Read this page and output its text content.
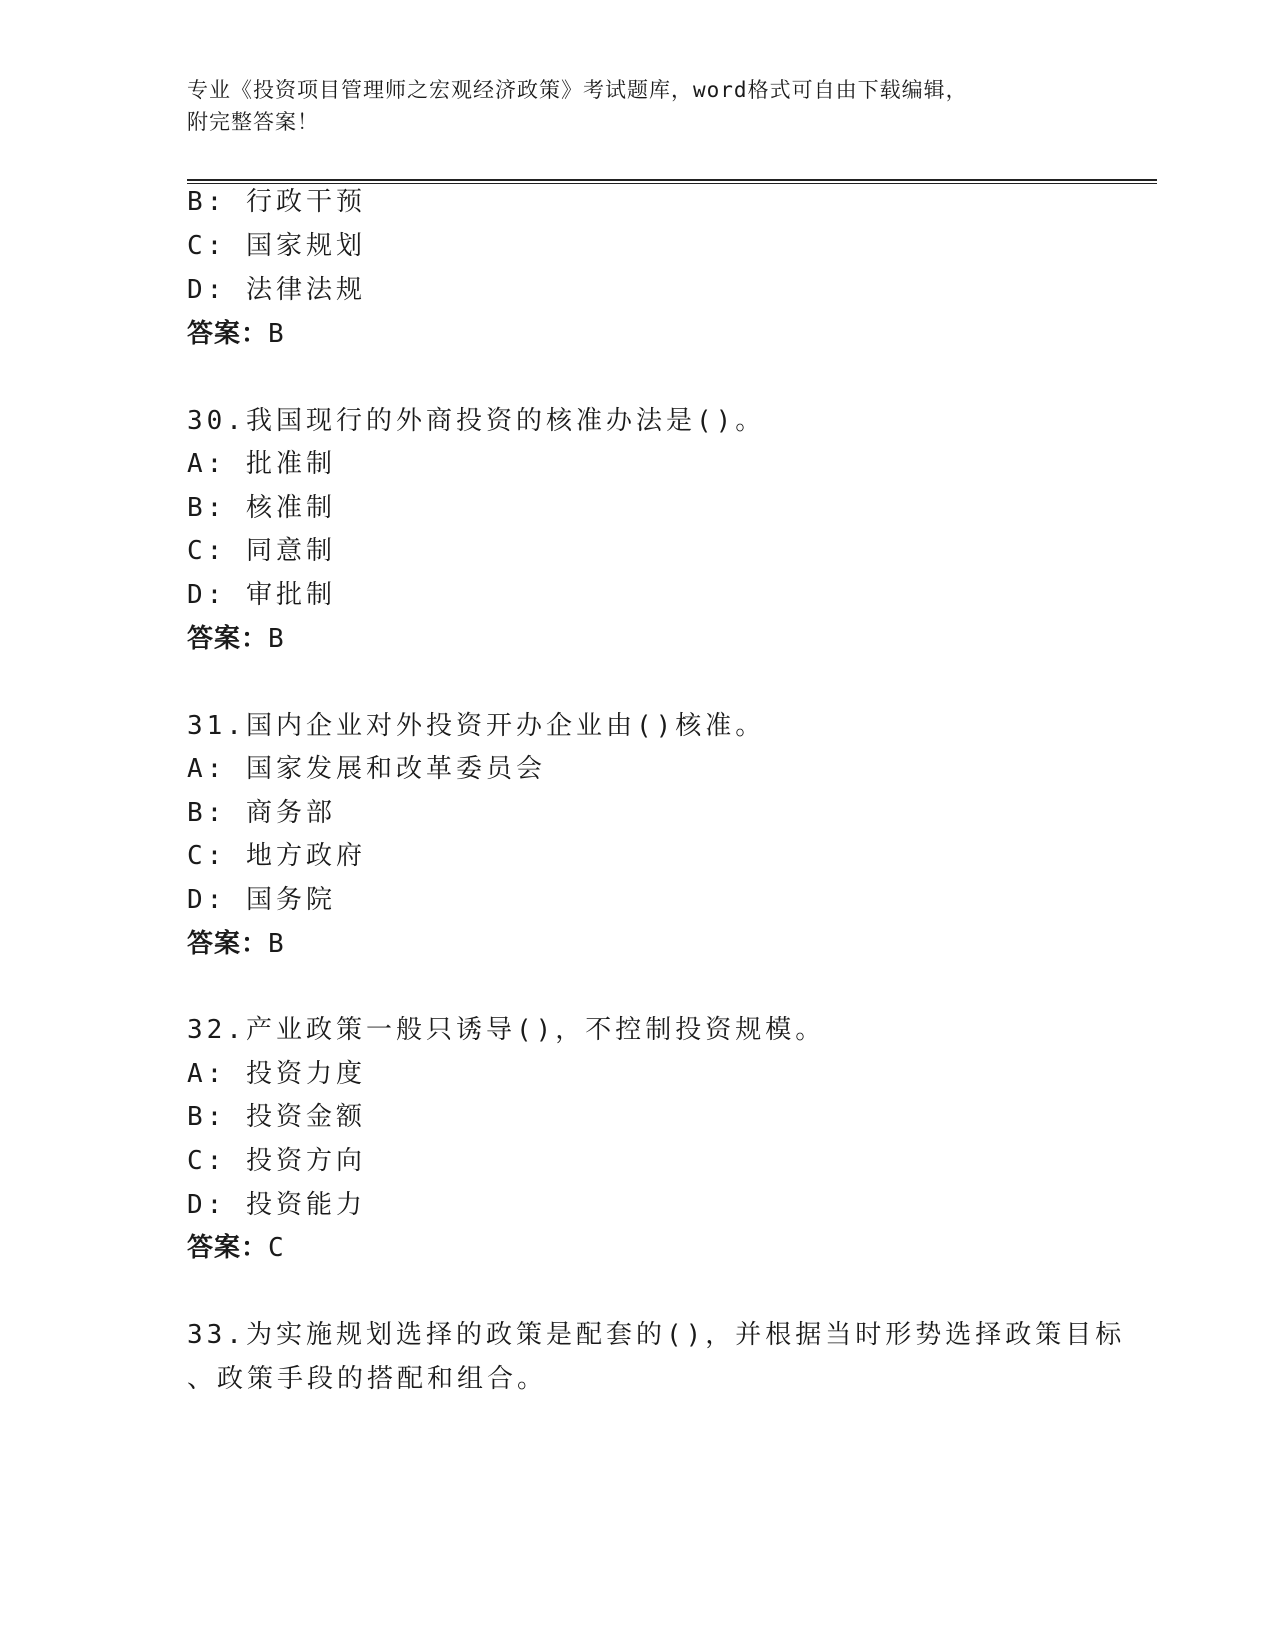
专业《投资项目管理师之宏观经济政策》考试题库，word格式可自由下载编辑，
附完整答案！
B: 行政干预
C: 国家规划
D: 法律法规
答案：B
30.我国现行的外商投资的核准办法是()。
A: 批准制
B: 核准制
C: 同意制
D: 审批制
答案：B
31.国内企业对外投资开办企业由()核准。
A: 国家发展和改革委员会
B: 商务部
C: 地方政府
D: 国务院
答案：B
32.产业政策一般只诱导()，不控制投资规模。
A: 投资力度
B: 投资金额
C: 投资方向
D: 投资能力
答案：C
33.为实施规划选择的政策是配套的()，并根据当时形势选择政策目标
、政策手段的搭配和组合。
